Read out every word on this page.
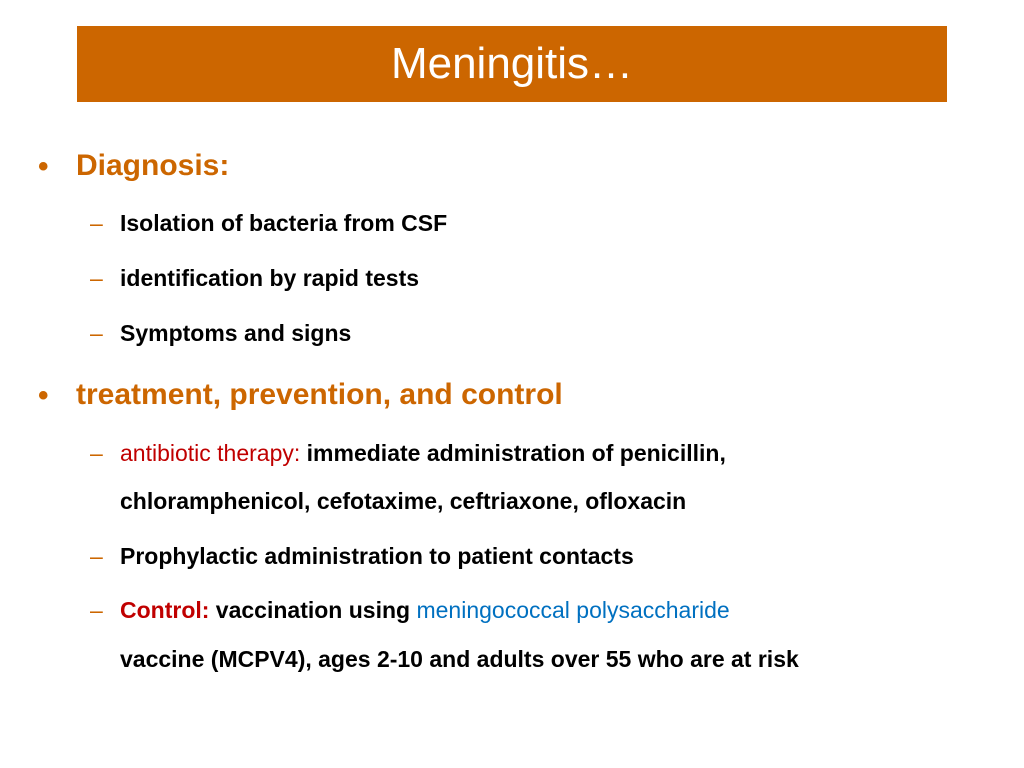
Meningitis…
• Diagnosis:
– Isolation of bacteria from CSF
– identification by rapid tests
– Symptoms and signs
• treatment, prevention, and control
– antibiotic therapy: immediate administration of penicillin,
chloramphenicol, cefotaxime, ceftriaxone, ofloxacin
– Prophylactic administration to patient contacts
– Control: vaccination using meningococcal polysaccharide
vaccine (MCPV4), ages 2-10 and adults over 55 who are at risk
